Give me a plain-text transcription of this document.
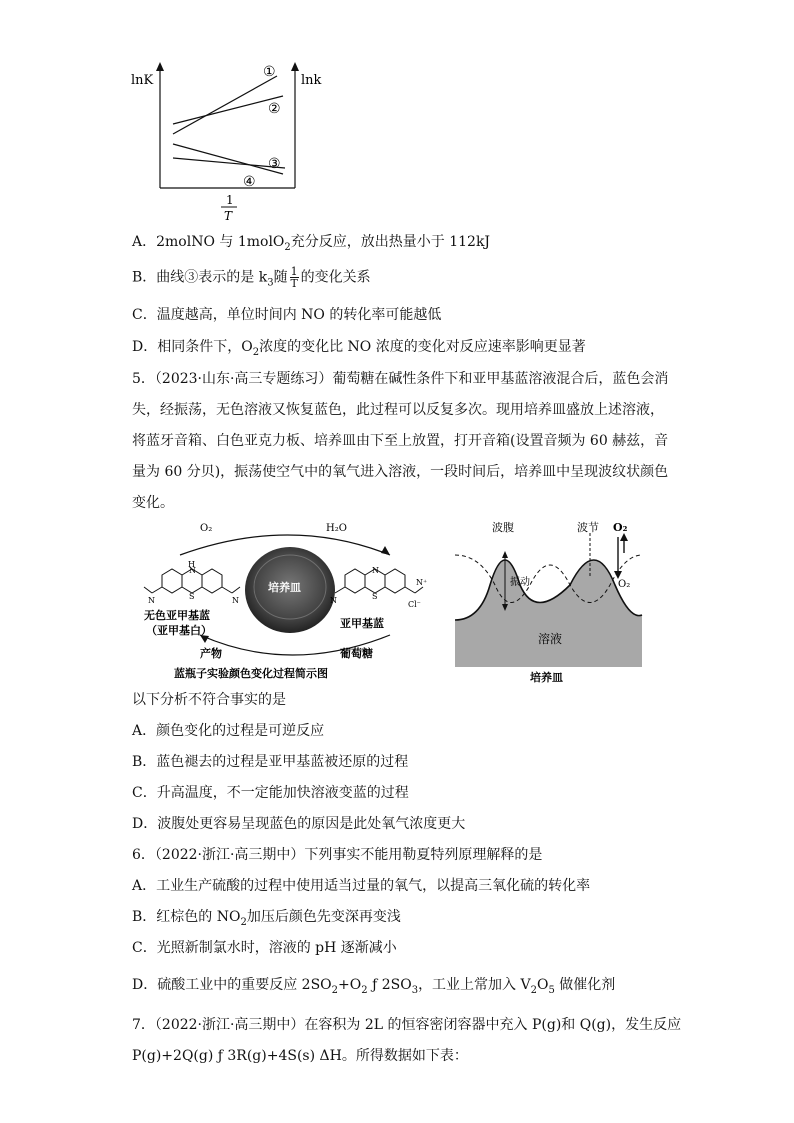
lnK	lnk
①
②
③
④
1
T
A．2molNO 与 1molO$_2$充分反应，放出热量小于 112kJ
B．曲线③表示的是 $k_3$随 $\frac{1}{T}$ 的变化关系
C．温度越高，单位时间内 NO 的转化率可能越低
D．相同条件下，$O_2$浓度的变化比 NO 浓度的变化对反应速率影响更显著
5．（2023·山东·高三专题练习）葡萄糖在碱性条件下和亚甲基蓝溶液混合后，蓝色会消
失，经振荡，无色溶液又恢复蓝色，此过程可以反复多次。现用培养皿盛放上述溶液，
将蓝牙音箱、白色亚克力板、培养皿由下至上放置，打开音箱(设置音频为 60 赫兹，音
量为 60 分贝)，振荡使空气中的氧气进入溶液，一段时间后，培养皿中呈现波纹状颜色
变化。
O₂	H₂O
产物	葡萄糖
培养皿
H
N
S
N	N
无色亚甲基蓝
（亚甲基白）
N
S
N	Cl⁻
N⁺
亚甲基蓝
蓝瓶子实验颜色变化过程简示图
振动
波腹	波节 O₂
O₂
溶液
培养皿
以下分析不符合事实的是
A．颜色变化的过程是可逆反应
B．蓝色褪去的过程是亚甲基蓝被还原的过程
C．升高温度，不一定能加快溶液变蓝的过程
D．波腹处更容易呈现蓝色的原因是此处氧气浓度更大
6．（2022·浙江·高三期中）下列事实不能用勒夏特列原理解释的是
A．工业生产硫酸的过程中使用适当过量的氧气，以提高三氧化硫的转化率
B．红棕色的 $NO_2$加压后颜色先变深再变浅
C．光照新制氯水时，溶液的 pH 逐渐减小
D．硫酸工业中的重要反应 $2SO_2+O_2$ ƒ $2SO_3$，工业上常加入 $V_2O_5$ 做催化剂
7．（2022·浙江·高三期中）在容积为 2L 的恒容密闭容器中充入 P(g)和 Q(g)，发生反应
P(g)+2Q(g) ƒ 3R(g)+4S(s) ΔH。所得数据如下表：
